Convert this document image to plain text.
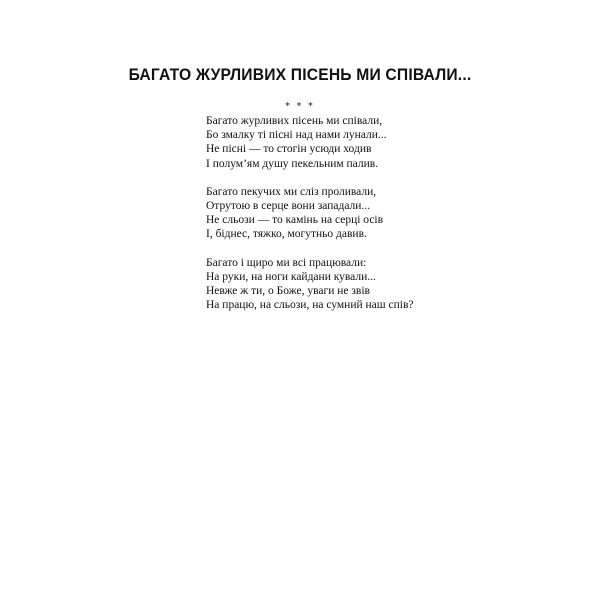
БАГАТО ЖУРЛИВИХ ПІСЕНЬ МИ СПІВАЛИ...
* * *
Багато журливих пісень ми співали,
Бо змалку ті пісні над нами лунали...
Не пісні — то стогін усюди ходив
І полум’ям душу пекельним палив.
Багато пекучих ми сліз проливали,
Отрутою в серце вони западали...
Не сльози — то камінь на серці осів
І, біднес, тяжко, могутньо давив.
Багато і щиро ми всі працювали:
На руки, на ноги кайдани кували...
Невже ж ти, о Боже, уваги не звів
На працю, на сльози, на сумний наш спів?
